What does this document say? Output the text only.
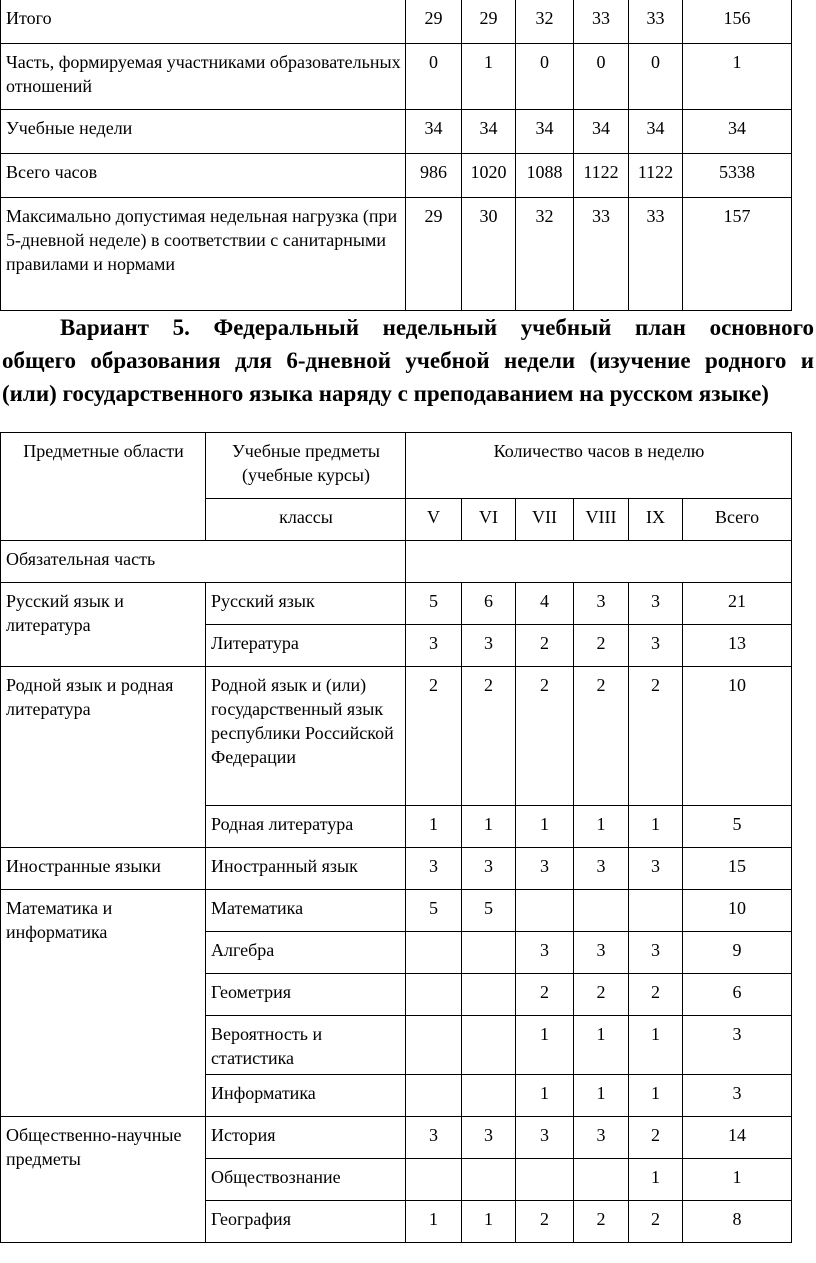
Итого	29	29	32	33	33	156
Часть, формируемая участниками образовательных отношений	0	1	0	0	0	1
Учебные недели	34	34	34	34	34	34
Всего часов	986	1020	1088	1122	1122	5338
Максимально допустимая недельная нагрузка (при 5-дневной неделе) в соответствии с санитарными правилами и нормами	29	30	32	33	33	157
Вариант 5. Федеральный недельный учебный план основного
общего образования для 6-дневной учебной недели (изучение родного и
(или) государственного языка наряду с преподаванием на русском языке)
Предметные области	Учебные предметы (учебные курсы)	Количество часов в неделю					
	классы	V	VI	VII	VIII	IX	Всего
Обязательная часть							
Русский язык и литература	Русский язык	5	6	4	3	3	21
	Литература	3	3	2	2	3	13
Родной язык и родная литература	Родной язык и (или) государственный язык республики Российской Федерации	2	2	2	2	2	10
	Родная литература	1	1	1	1	1	5
Иностранные языки	Иностранный язык	3	3	3	3	3	15
Математика и информатика	Математика	5	5				10
	Алгебра			3	3	3	9
	Геометрия			2	2	2	6
	Вероятность и статистика			1	1	1	3
	Информатика			1	1	1	3
Общественно-научные предметы	История	3	3	3	3	2	14
	Обществознание					1	1
	География	1	1	2	2	2	8
